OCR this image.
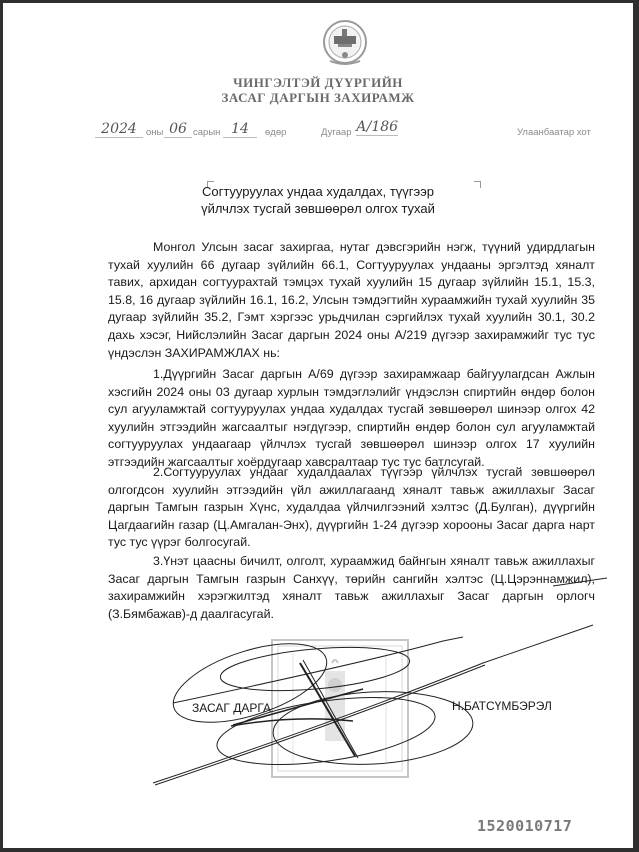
ЧИНГЭЛТЭЙ ДҮҮРГИЙН
ЗАСАГ ДАРГЫН ЗАХИРАМЖ
2024 оны 06 сарын 14	өдөр	Дугаар А/186	Улаанбаатар хот
Согтууруулах ундаа худалдах, түүгээр
үйлчлэх тусгай зөвшөөрөл олгох тухай

Монгол Улсын засаг захиргаа, нутаг дэвсгэрийн нэгж, түүний удирдлагын тухай хуулийн 66 дугаар зүйлийн 66.1, Согтууруулах ундааны эргэлтэд хяналт тавих, архидан согтуурахтай тэмцэх тухай хуулийн 15 дугаар зүйлийн 15.1, 15.3, 15.8, 16 дугаар зүйлийн 16.1, 16.2, Улсын тэмдэгтийн хураамжийн тухай хуулийн 35 дугаар зүйлийн 35.2, Гэмт хэргээс урьдчилан сэргийлэх тухай хуулийн 30.1, 30.2 дахь хэсэг, Нийслэлийн Засаг даргын 2024 оны А/219 дүгээр захирамжийг тус тус үндэслэн ЗАХИРАМЖЛАХ нь:

1.Дүүргийн Засаг даргын А/69 дүгээр захирамжаар байгуулагдсан Ажлын хэсгийн 2024 оны 03 дугаар хурлын тэмдэглэлийг үндэслэн спиртийн өндөр болон сул агууламжтай согтууруулах ундаа худалдах тусгай зөвшөөрөл шинээр олгох 42 хуулийн этгээдийн жагсаалтыг нэгдүгээр, спиртийн өндөр болон сул агууламжтай согтууруулах ундаагаар үйлчлэх тусгай зөвшөөрөл шинээр олгох 17 хуулийн этгээдийн жагсаалтыг хоёрдугаар хавсралтаар тус тус батлсугай.

2.Согтууруулах ундааг худалдаалах түүгээр үйлчлэх тусгай зөвшөөрөл олгогдсон хуулийн этгээдийн үйл ажиллагаанд хяналт тавьж ажиллахыг Засаг даргын Тамгын газрын Хүнс, худалдаа үйлчилгээний хэлтэс (Д.Булган), дүүргийн Цагдаагийн газар (Ц.Амгалан-Энх), дүүргийн 1-24 дүгээр хорооны Засаг дарга нарт тус тус үүрэг болгосугай.

3.Үнэт цаасны бичилт, олголт, хураамжид байнгын хяналт тавьж ажиллахыг Засаг даргын Тамгын газрын Санхүү, төрийн сангийн хэлтэс (Ц.Цэрэннамжил), захирамжийн хэрэгжилтэд хяналт тавьж ажиллахыг Засаг даргын орлогч (З.Бямбажав)-д даалгасугай.

ЗАСАГ ДАРГА	Н.БАТСҮМБЭРЭЛ
1520010717
